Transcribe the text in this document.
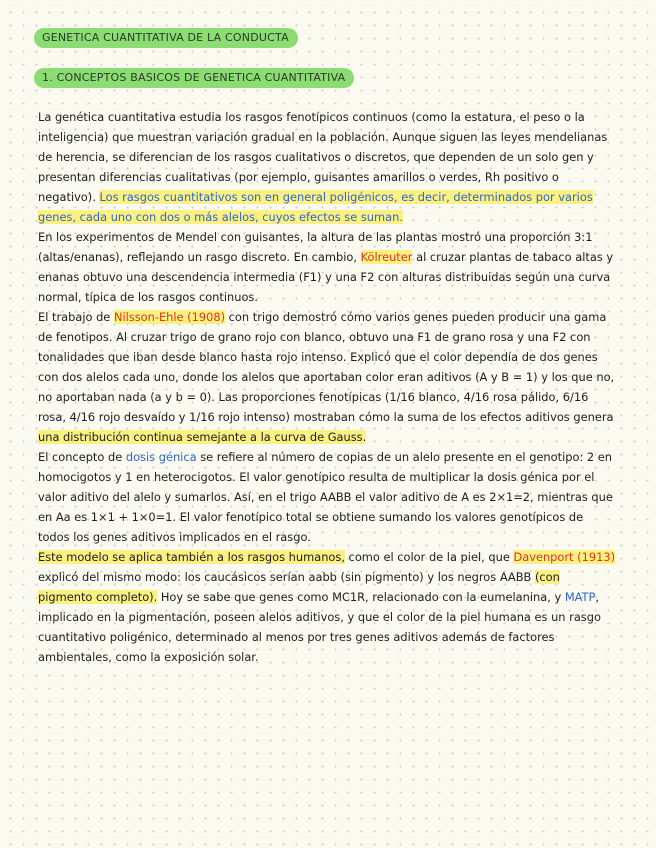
GENETICA CUANTITATIVA DE LA CONDUCTA
1. CONCEPTOS BASICOS DE GENETICA CUANTITATIVA

La genética cuantitativa estudia los rasgos fenotípicos continuos (como la estatura, el peso o la inteligencia) que muestran variación gradual en la población. Aunque siguen las leyes mendelianas de herencia, se diferencian de los rasgos cualitativos o discretos, que dependen de un solo gen y presentan diferencias cualitativas (por ejemplo, guisantes amarillos o verdes, Rh positivo o negativo). Los rasgos cuantitativos son en general poligénicos, es decir, determinados por varios genes, cada uno con dos o más alelos, cuyos efectos se suman.

En los experimentos de Mendel con guisantes, la altura de las plantas mostró una proporción 3:1 (altas/enanas), reflejando un rasgo discreto. En cambio, Kölreuter al cruzar plantas de tabaco altas y enanas obtuvo una descendencia intermedia (F1) y una F2 con alturas distribuidas según una curva normal, típica de los rasgos continuos.

El trabajo de Nilsson-Ehle (1908) con trigo demostró cómo varios genes pueden producir una gama de fenotipos. Al cruzar trigo de grano rojo con blanco, obtuvo una F1 de grano rosa y una F2 con tonalidades que iban desde blanco hasta rojo intenso. Explicó que el color dependía de dos genes con dos alelos cada uno, donde los alelos que aportaban color eran aditivos (A y B = 1) y los que no, no aportaban nada (a y b = 0). Las proporciones fenotípicas (1/16 blanco, 4/16 rosa pálido, 6/16 rosa, 4/16 rojo desvaído y 1/16 rojo intenso) mostraban cómo la suma de los efectos aditivos genera una distribución continua semejante a la curva de Gauss.

El concepto de dosis génica se refiere al número de copias de un alelo presente en el genotipo: 2 en homocigotos y 1 en heterocigotos. El valor genotípico resulta de multiplicar la dosis génica por el valor aditivo del alelo y sumarlos. Así, en el trigo AABB el valor aditivo de A es 2×1=2, mientras que en Aa es 1×1 + 1×0=1. El valor fenotípico total se obtiene sumando los valores genotípicos de todos los genes aditivos implicados en el rasgo.

Este modelo se aplica también a los rasgos humanos, como el color de la piel, que Davenport (1913) explicó del mismo modo: los caucásicos serían aabb (sin pigmento) y los negros AABB (con pigmento completo). Hoy se sabe que genes como MC1R, relacionado con la eumelanina, y MATP, implicado en la pigmentación, poseen alelos aditivos, y que el color de la piel humana es un rasgo cuantitativo poligénico, determinado al menos por tres genes aditivos además de factores ambientales, como la exposición solar.
